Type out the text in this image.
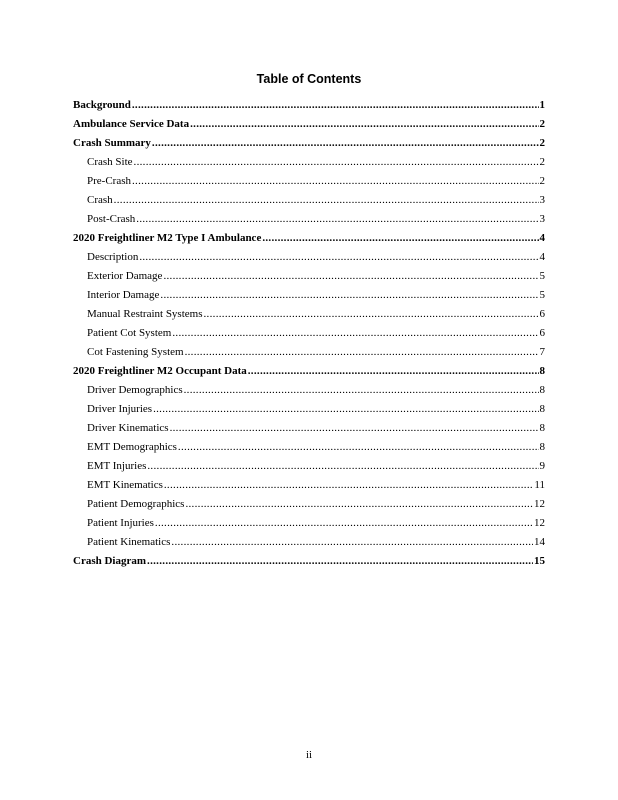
Table of Contents
Background .....	1
Ambulance Service Data .....	2
Crash Summary .....	2
Crash Site .....	2
Pre-Crash .....	2
Crash .....	3
Post-Crash .....	3
2020 Freightliner M2 Type I Ambulance .....	4
Description .....	4
Exterior Damage .....	5
Interior Damage .....	5
Manual Restraint Systems .....	6
Patient Cot System .....	6
Cot Fastening System .....	7
2020 Freightliner M2 Occupant Data .....	8
Driver Demographics .....	8
Driver Injuries .....	8
Driver Kinematics .....	8
EMT Demographics .....	8
EMT Injuries .....	9
EMT Kinematics .....	11
Patient Demographics .....	12
Patient Injuries .....	12
Patient Kinematics .....	14
Crash Diagram .....	15
ii
